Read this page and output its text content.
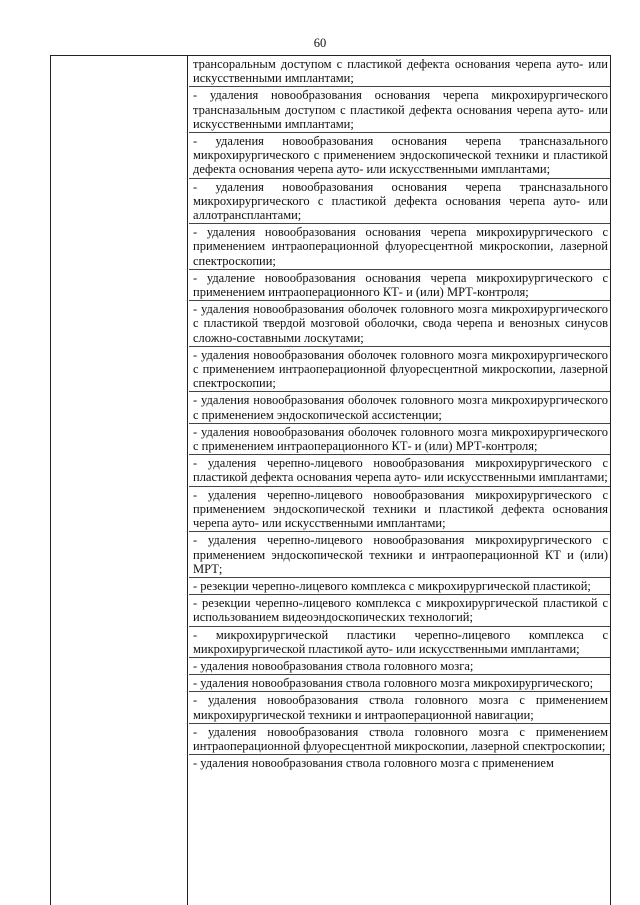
60
трансоральным доступом с пластикой дефекта основания черепа ауто- или искусственными имплантами;
- удаления новообразования основания черепа микрохирургического трансназальным доступом с пластикой дефекта основания черепа ауто- или искусственными имплантами;
- удаления новообразования основания черепа трансназального микрохирургического с применением эндоскопической техники и пластикой дефекта основания черепа ауто- или искусственными имплантами;
- удаления новообразования основания черепа трансназального микрохирургического с пластикой дефекта основания черепа ауто- или аллотрансплантами;
- удаления новообразования основания черепа микрохирургического с применением интраоперационной флуоресцентной микроскопии, лазерной спектроскопии;
- удаление новообразования основания черепа микрохирургического с применением интраоперационного КТ- и (или) МРТ-контроля;
- удаления новообразования оболочек головного мозга микрохирургического с пластикой твердой мозговой оболочки, свода черепа и венозных синусов сложно-составными лоскутами;
- удаления новообразования оболочек головного мозга микрохирургического с применением интраоперационной флуоресцентной микроскопии, лазерной спектроскопии;
- удаления новообразования оболочек головного мозга микрохирургического с применением эндоскопической ассистенции;
- удаления новообразования оболочек головного мозга микрохирургического с применением интраоперационного КТ- и (или) МРТ-контроля;
- удаления черепно-лицевого новообразования микрохирургического с пластикой дефекта основания черепа ауто- или искусственными имплантами;
- удаления черепно-лицевого новообразования микрохирургического с применением эндоскопической техники и пластикой дефекта основания черепа ауто- или искусственными имплантами;
- удаления черепно-лицевого новообразования микрохирургического с применением эндоскопической техники и интраоперационной КТ и (или) МРТ;
- резекции черепно-лицевого комплекса с микрохирургической пластикой;
- резекции черепно-лицевого комплекса с микрохирургической пластикой с использованием видеоэндоскопических технологий;
- микрохирургической пластики черепно-лицевого комплекса с микрохирургической пластикой ауто- или искусственными имплантами;
- удаления новообразования ствола головного мозга;
- удаления новообразования ствола головного мозга микрохирургического;
- удаления новообразования ствола головного мозга с применением микрохирургической техники и интраоперационной навигации;
- удаления новообразования ствола головного мозга с применением интраоперационной флуоресцентной микроскопии, лазерной спектроскопии;
- удаления новообразования ствола головного мозга с применением
